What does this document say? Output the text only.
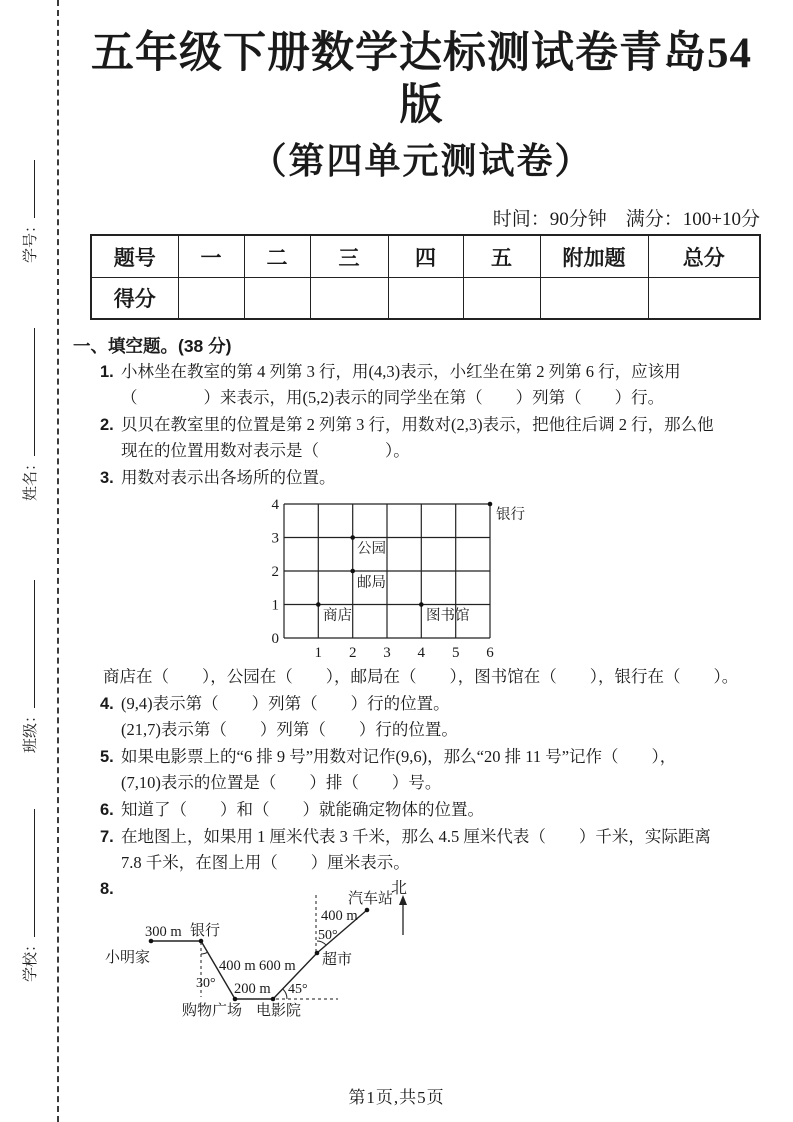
学号：
姓名：
班级：
学校：
五年级下册数学达标测试卷青岛54版
（第四单元测试卷）
时间：90分钟　满分：100+10分
题号	一	二	三	四	五	附加题	总分
得分							
一、填空题。(38 分)
1. 小林坐在教室的第 4 列第 3 行，用(4,3)表示，小红坐在第 2 列第 6 行，应该用
（　　　　）来表示，用(5,2)表示的同学坐在第（　　）列第（　　）行。
2. 贝贝在教室里的位置是第 2 列第 3 行，用数对(2,3)表示，把他往后调 2 行，那么他
现在的位置用数对表示是（　　　　）。
3. 用数对表示出各场所的位置。
4
3
2
1
0
1 2 3 4 5 6
商店
公园
邮局
图书馆
银行
商店在（　　），公园在（　　），邮局在（　　），图书馆在（　　），银行在（　　）。
4. (9,4)表示第（　　）列第（　　）行的位置。
(21,7)表示第（　　）列第（　　）行的位置。
5. 如果电影票上的“6 排 9 号”用数对记作(9,6)，那么“20 排 11 号”记作（　　），
(7,10)表示的位置是（　　）排（　　）号。
6. 知道了（　　）和（　　）就能确定物体的位置。
7. 在地图上，如果用 1 厘米代表 3 千米，那么 4.5 厘米代表（　　）千米，实际距离
7.8 千米，在图上用（　　）厘米表示。
8.	北
小明家
银行
购物广场 电影院
超市
汽车站
300 m
400 m
200 m
600 m
400 m
30°	45°
50°
第1页,共5页
